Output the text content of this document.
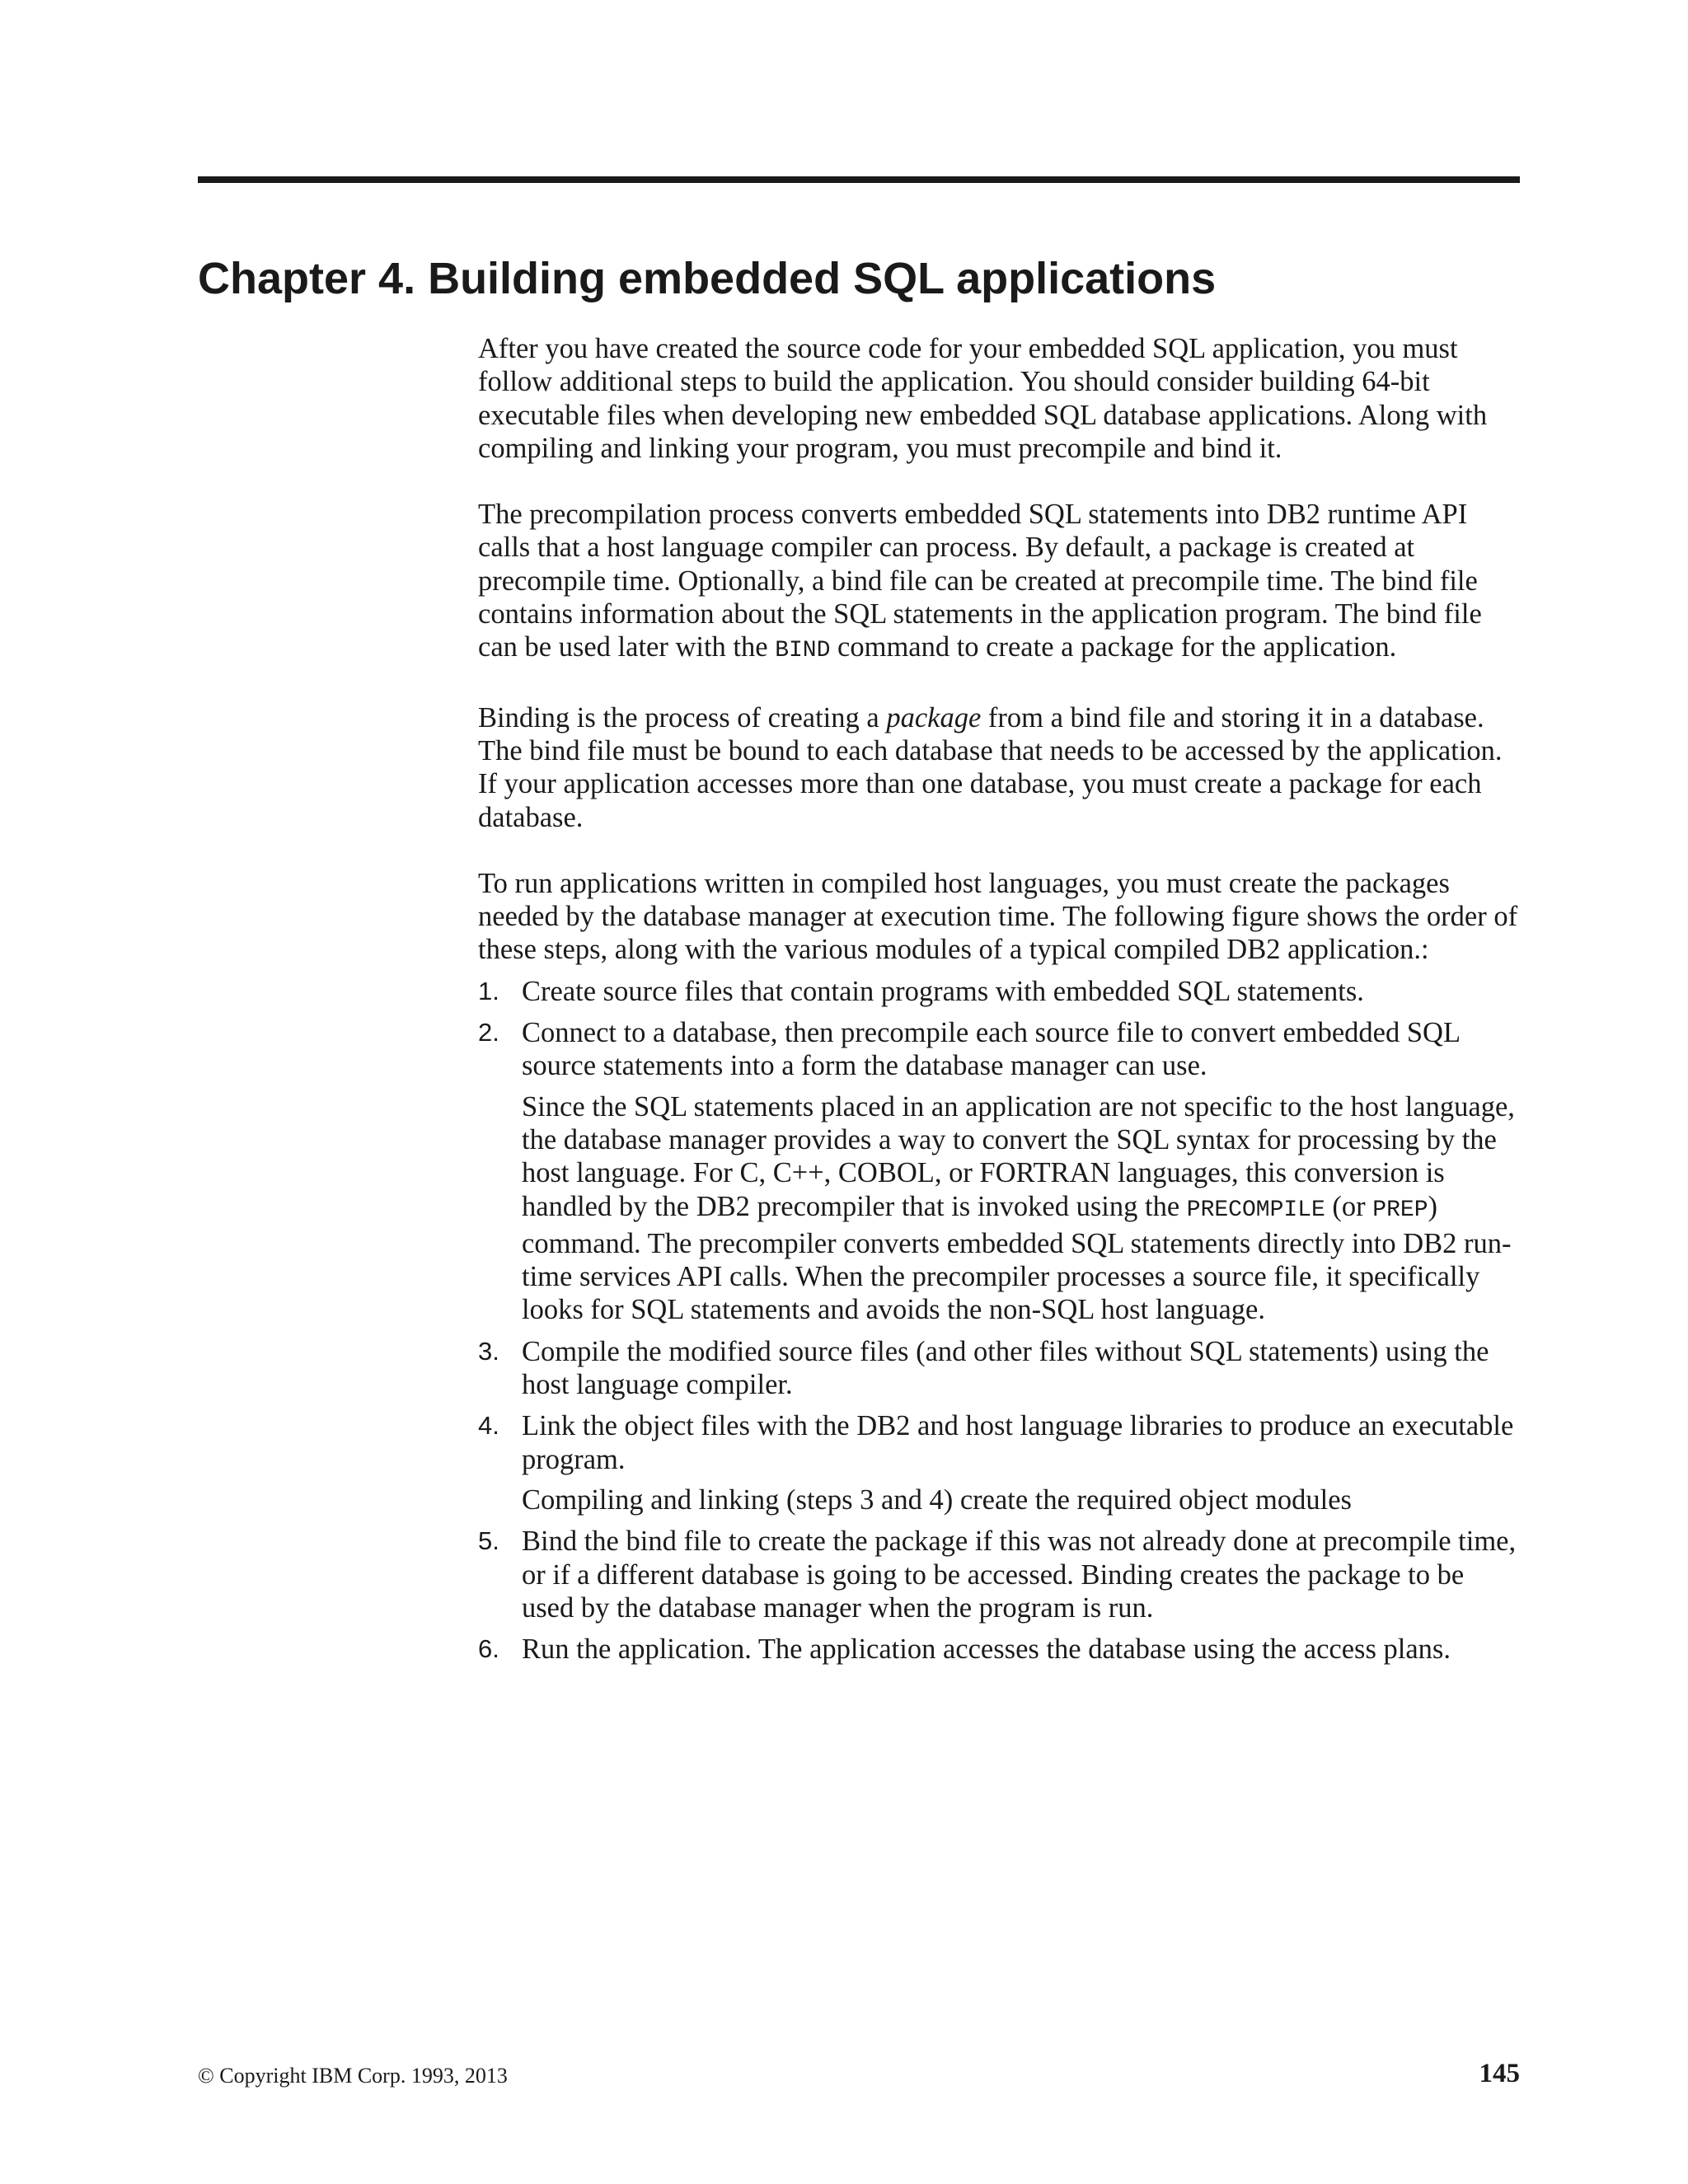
Chapter 4. Building embedded SQL applications

After you have created the source code for your embedded SQL application, you must follow additional steps to build the application. You should consider building 64-bit executable files when developing new embedded SQL database applications. Along with compiling and linking your program, you must precompile and bind it.

The precompilation process converts embedded SQL statements into DB2 runtime API calls that a host language compiler can process. By default, a package is created at precompile time. Optionally, a bind file can be created at precompile time. The bind file contains information about the SQL statements in the application program. The bind file can be used later with the BIND command to create a package for the application.

Binding is the process of creating a package from a bind file and storing it in a database. The bind file must be bound to each database that needs to be accessed by the application. If your application accesses more than one database, you must create a package for each database.

To run applications written in compiled host languages, you must create the packages needed by the database manager at execution time. The following figure shows the order of these steps, along with the various modules of a typical compiled DB2 application.:

1. Create source files that contain programs with embedded SQL statements.
2. Connect to a database, then precompile each source file to convert embedded SQL source statements into a form the database manager can use.
Since the SQL statements placed in an application are not specific to the host language, the database manager provides a way to convert the SQL syntax for processing by the host language. For C, C++, COBOL, or FORTRAN languages, this conversion is handled by the DB2 precompiler that is invoked using the PRECOMPILE (or PREP) command. The precompiler converts embedded SQL statements directly into DB2 run-time services API calls. When the precompiler processes a source file, it specifically looks for SQL statements and avoids the non-SQL host language.
3. Compile the modified source files (and other files without SQL statements) using the host language compiler.
4. Link the object files with the DB2 and host language libraries to produce an executable program.
Compiling and linking (steps 3 and 4) create the required object modules
5. Bind the bind file to create the package if this was not already done at precompile time, or if a different database is going to be accessed. Binding creates the package to be used by the database manager when the program is run.
6. Run the application. The application accesses the database using the access plans.
© Copyright IBM Corp. 1993, 2013	145
